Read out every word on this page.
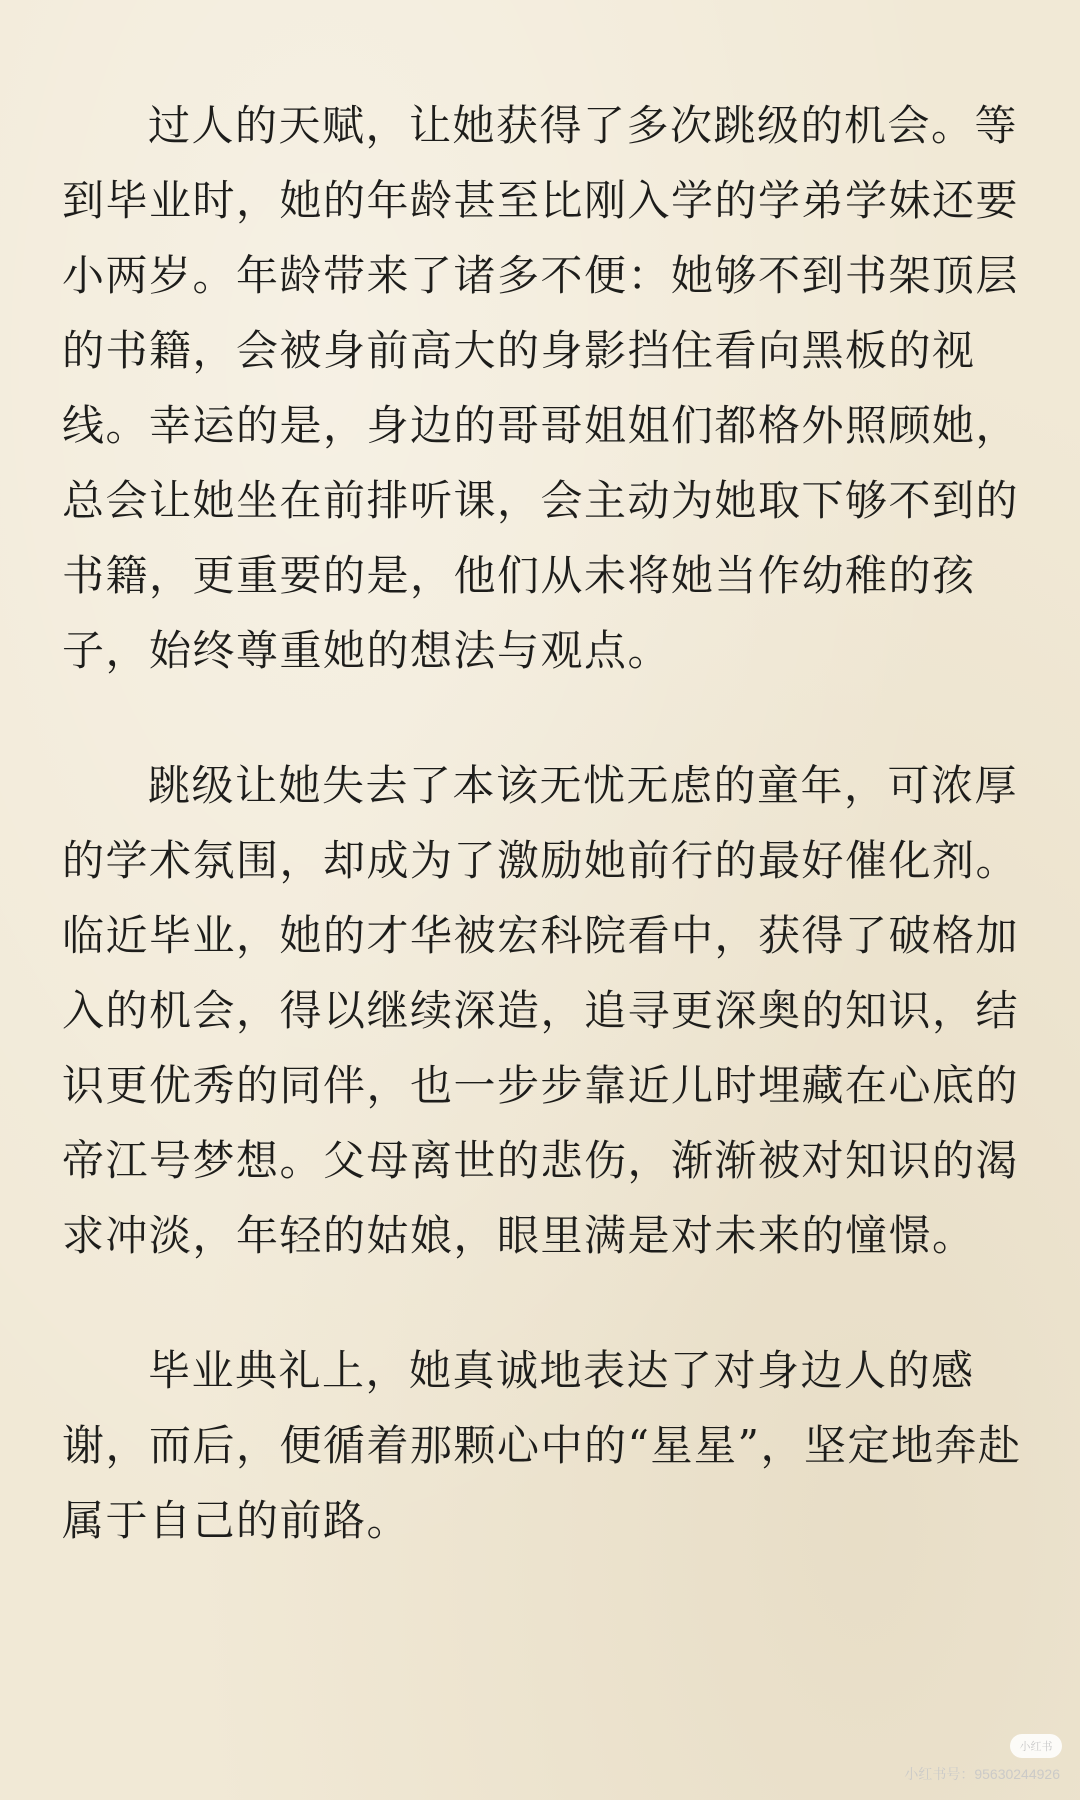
过人的天赋，让她获得了多次跳级的机会。等
到毕业时，她的年龄甚至比刚入学的学弟学妹还要
小两岁。年龄带来了诸多不便：她够不到书架顶层
的书籍，会被身前高大的身影挡住看向黑板的视
线。幸运的是，身边的哥哥姐姐们都格外照顾她，
总会让她坐在前排听课，会主动为她取下够不到的
书籍，更重要的是，他们从未将她当作幼稚的孩
子，始终尊重她的想法与观点。
跳级让她失去了本该无忧无虑的童年，可浓厚
的学术氛围，却成为了激励她前行的最好催化剂。
临近毕业，她的才华被宏科院看中，获得了破格加
入的机会，得以继续深造，追寻更深奥的知识，结
识更优秀的同伴，也一步步靠近儿时埋藏在心底的
帝江号梦想。父母离世的悲伤，渐渐被对知识的渴
求冲淡，年轻的姑娘，眼里满是对未来的憧憬。
毕业典礼上，她真诚地表达了对身边人的感
谢，而后，便循着那颗心中的“星星”，坚定地奔赴
属于自己的前路。
小红书
小红书号：95630244926
